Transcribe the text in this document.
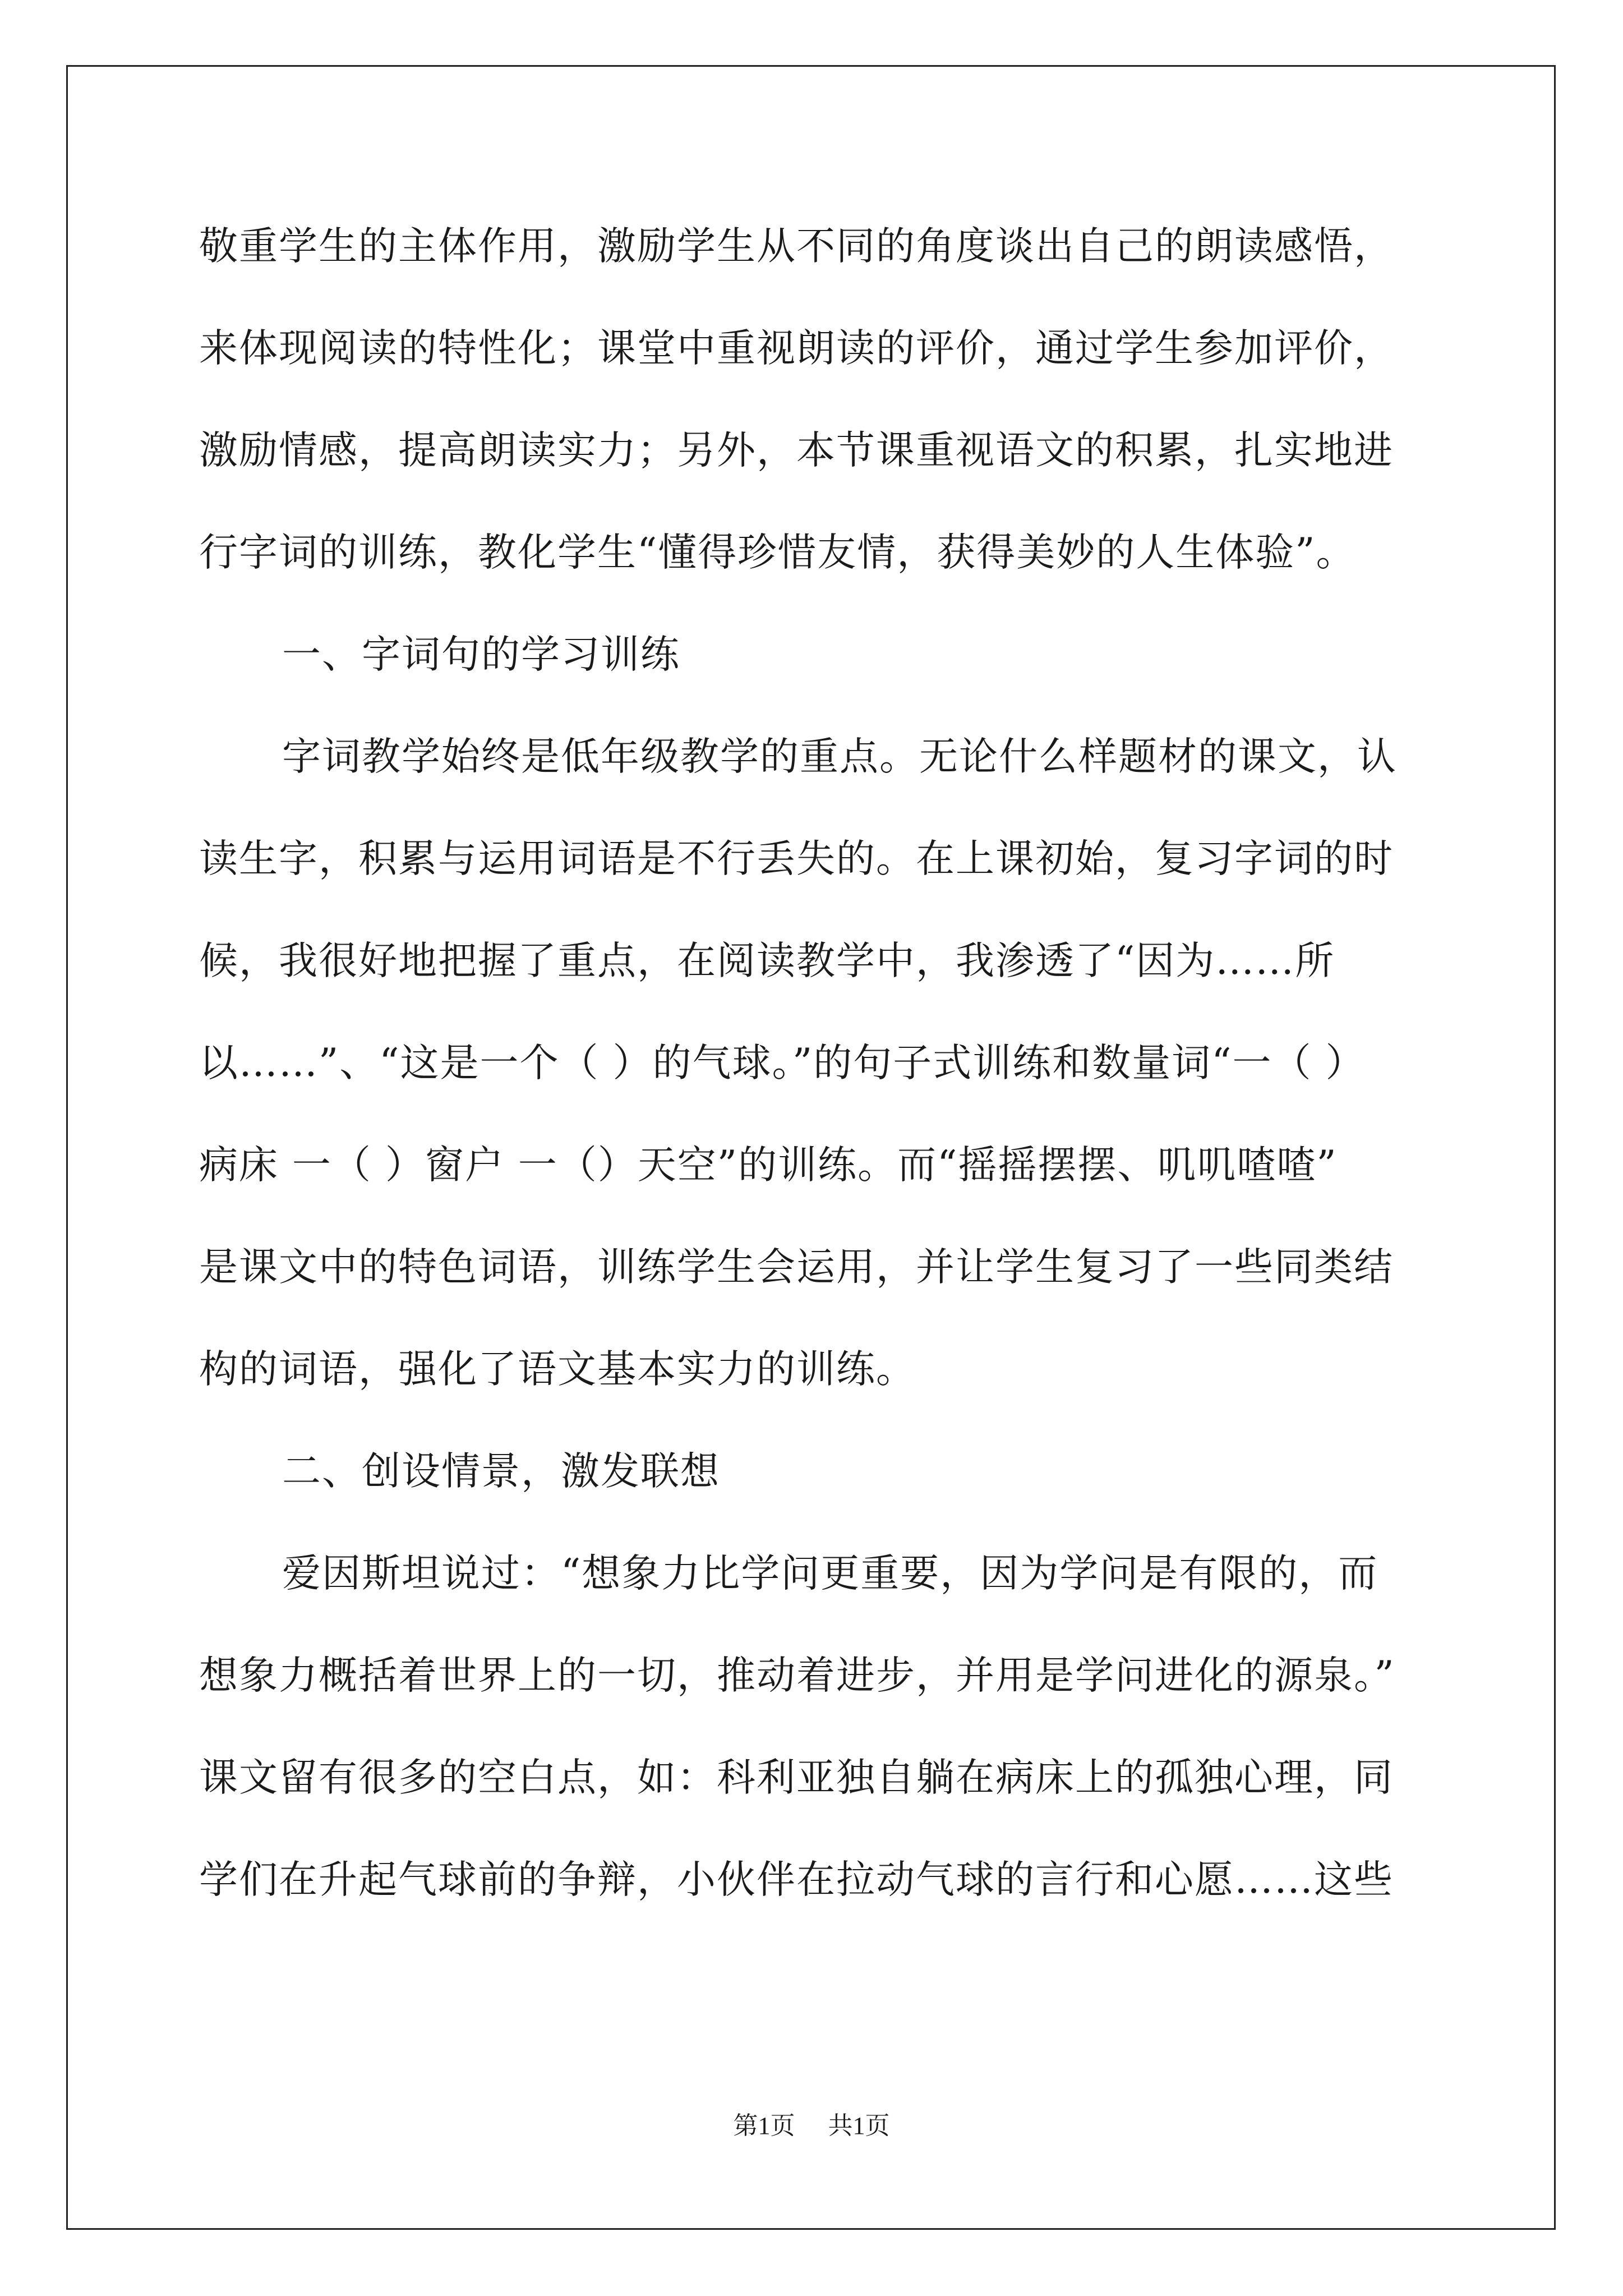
敬重学生的主体作用，激励学生从不同的角度谈出自己的朗读感悟，
来体现阅读的特性化；课堂中重视朗读的评价，通过学生参加评价，
激励情感，提高朗读实力；另外，本节课重视语文的积累，扎实地进
行字词的训练，教化学生“懂得珍惜友情，获得美妙的人生体验”。
一、字词句的学习训练
字词教学始终是低年级教学的重点。无论什么样题材的课文，认
读生字，积累与运用词语是不行丢失的。在上课初始，复习字词的时
候，我很好地把握了重点，在阅读教学中，我渗透了“因为……所
以……”、“这是一个（ ）的气球。”的句子式训练和数量词“一（ ）
病床 一（ ）窗户 一（）天空”的训练。而“摇摇摆摆、叽叽喳喳”
是课文中的特色词语，训练学生会运用，并让学生复习了一些同类结
构的词语，强化了语文基本实力的训练。
二、创设情景，激发联想
爱因斯坦说过：“想象力比学问更重要，因为学问是有限的，而
想象力概括着世界上的一切，推动着进步，并用是学问进化的源泉。”
课文留有很多的空白点，如：科利亚独自躺在病床上的孤独心理，同
学们在升起气球前的争辩，小伙伴在拉动气球的言行和心愿……这些
第1页 共1页
